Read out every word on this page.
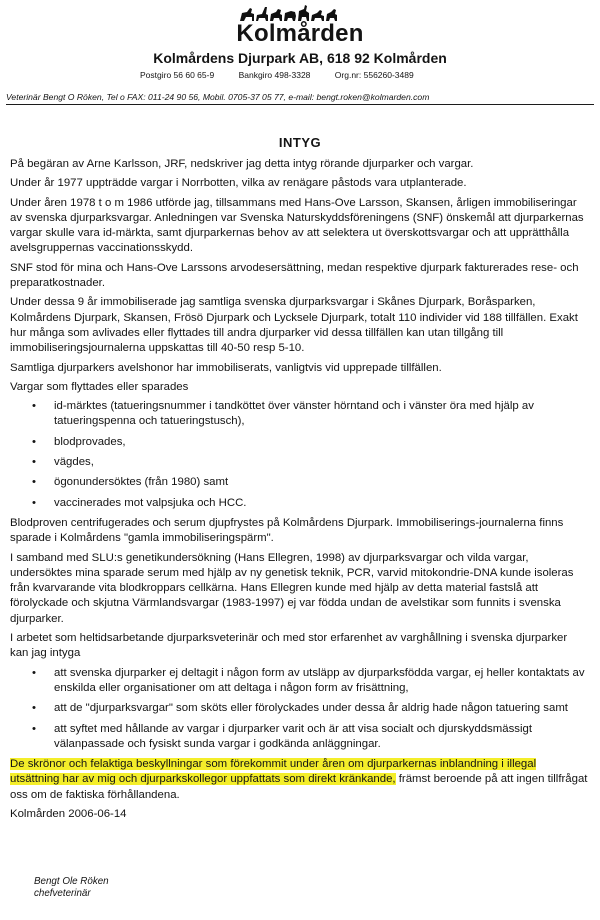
Kolmården
Kolmårdens Djurpark AB, 618 92 Kolmården
Postgiro 56 60 65-9	Bankgiro 498-3328	Org.nr: 556260-3489
Veterinär Bengt O Röken, Tel o FAX: 011-24 90 56, Mobil. 0705-37 05 77, e-mail: bengt.roken@kolmarden.com
INTYG

På begäran av Arne Karlsson, JRF, nedskriver jag detta intyg rörande djurparker och vargar.

Under år 1977 uppträdde vargar i Norrbotten, vilka av renägare påstods vara utplanterade.

Under åren 1978 t o m 1986 utförde jag, tillsammans med Hans-Ove Larsson, Skansen, årligen immobiliseringar av svenska djurparksvargar. Anledningen var Svenska Naturskyddsföreningens (SNF) önskemål att djurparkernas vargar skulle vara id-märkta, samt djurparkernas behov av att selektera ut överskottsvargar och att upprätthålla avelsgruppernas vaccinationsskydd.

SNF stod för mina och Hans-Ove Larssons arvodesersättning, medan respektive djurpark fakturerades rese- och preparatkostnader.

Under dessa 9 år immobiliserade jag samtliga svenska djurparksvargar i Skånes Djurpark, Boråsparken, Kolmårdens Djurpark, Skansen, Frösö Djurpark och Lycksele Djurpark, totalt 110 individer vid 188 tillfällen. Exakt hur många som avlivades eller flyttades till andra djurparker vid dessa tillfällen kan utan tillgång till immobiliseringsjournalerna uppskattas till 40-50 resp 5-10.

Samtliga djurparkers avelshonor har immobiliserats, vanligtvis vid upprepade tillfällen.

Vargar som flyttades eller sparades

• id-märktes (tatueringsnummer i tandköttet över vänster hörntand och i vänster öra med hjälp av tatueringspenna och tatueringstusch),
• blodprovades,
• vägdes,
• ögonundersöktes (från 1980) samt
• vaccinerades mot valpsjuka och HCC.

Blodproven centrifugerades och serum djupfrystes på Kolmårdens Djurpark. Immobiliserings-journalerna finns sparade i Kolmårdens "gamla immobiliseringspärm".

I samband med SLU:s genetikundersökning (Hans Ellegren, 1998) av djurparksvargar och vilda vargar, undersöktes mina sparade serum med hjälp av ny genetisk teknik, PCR, varvid mitokondrie-DNA kunde isoleras från kvarvarande vita blodkroppars cellkärna. Hans Ellegren kunde med hjälp av detta material fastslå att förolyckade och skjutna Värmlandsvargar (1983-1997) ej var födda undan de avelstikar som funnits i svenska djurparker.

I arbetet som heltidsarbetande djurparksveterinär och med stor erfarenhet av varghållning i svenska djurparker kan jag intyga

• att svenska djurparker ej deltagit i någon form av utsläpp av djurparksfödda vargar, ej heller kontaktats av enskilda eller organisationer om att deltaga i någon form av frisättning,
• att de "djurparksvargar" som sköts eller förolyckades under dessa år aldrig hade någon tatuering samt
• att syftet med hållande av vargar i djurparker varit och är att visa socialt och djurskyddsmässigt välanpassade och fysiskt sunda vargar i godkända anläggningar.

De skrönor och felaktiga beskyllningar som förekommit under åren om djurparkernas inblandning i illegal utsättning har av mig och djurparkskollegor uppfattats som direkt kränkande, främst beroende på att ingen tillfrågat oss om de faktiska förhållandena.

Kolmården 2006-06-14

Bengt Ole Röken
chefveterinär
